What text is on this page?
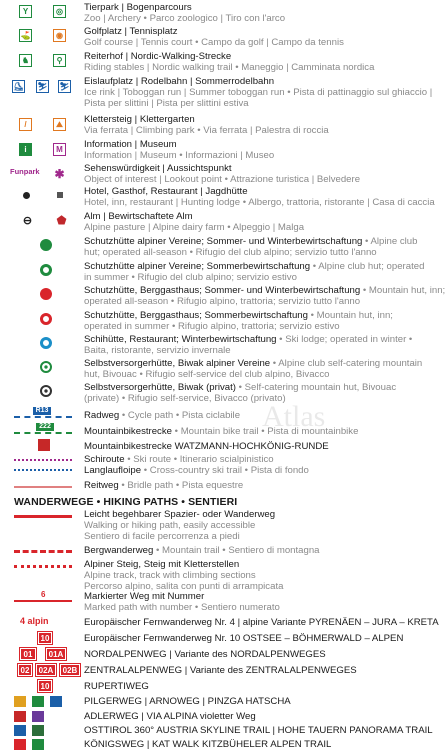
Y	◎	Tierpark | Bogenparcours
Zoo | Archery • Parco zoologico | Tiro con l'arco
⛳	◉	Golfplatz | Tennisplatz
Golf course | Tennis court • Campo da golf | Campo da tennis
♞	⚲	Reiterhof | Nordic-Walking-Strecke
Riding stables | Nordic walking trail • Maneggio | Camminata nordica
⛸ ⛷ ⛷ Eislaufplatz | Rodelbahn | Sommerrodelbahn
Ice rink | Toboggan run | Summer toboggan run • Pista di pattinaggio sul ghiaccio |
Pista per slittini | Pista per slittini estiva
/	⛰	Klettersteig | Klettergarten
Via ferrata | Climbing park • Via ferrata | Palestra di roccia
i	M	Information | Museum
Information | Museum • Informazioni | Museo
Funpark ✱ Sehenswürdigkeit | Aussichtspunkt
Object of interest | Lookout point • Attrazione turistica | Belvedere
Hotel, Gasthof, Restaurant | Jagdhütte
Hotel, inn, restaurant | Hunting lodge • Albergo, trattoria, ristorante | Casa di caccia
⊖ ⬟ Alm | Bewirtschaftete Alm
Alpine pasture | Alpine dairy farm • Alpeggio | Malga
Schutzhütte alpiner Vereine; Sommer- und Winterbewirtschaftung • Alpine club
hut; operated all-season • Rifugio del club alpino; servizio tutto l'anno
Schutzhütte alpiner Vereine; Sommerbewirtschaftung • Alpine club hut; operated
in summer • Rifugio del club alpino; servizio estivo
Schutzhütte, Berggasthaus; Sommer- und Winterbewirtschaftung • Mountain hut, inn;
operated all-season • Rifugio alpino, trattoria; servizio tutto l'anno
Schutzhütte, Berggasthaus; Sommerbewirtschaftung • Mountain hut, inn;
operated in summer • Rifugio alpino, trattoria; servizio estivo
Schihütte, Restaurant; Winterbewirtschaftung • Ski lodge; operated in winter •
Baita, ristorante, servizio invernale
Selbstversorgerhütte, Biwak alpiner Vereine • Alpine club self-catering mountain
hut, Bivouac • Rifugio self-service del club alpino, Bivacco
Selbstversorgerhütte, Biwak (privat) • Self-catering mountain hut, Bivouac
(private) • Rifugio self-service, Bivacco (privato)
R13	Radweg • Cycle path • Pista ciclabile
222	Mountainbikestrecke • Mountain bike trail • Pista di mountainbike
Mountainbikestrecke WATZMANN-HOCHKÖNIG-RUNDE
Schiroute • Ski route • Itinerario scialpinistico
Langlaufloipe • Cross-country ski trail • Pista di fondo
Reitweg • Bridle path • Pista equestre
WANDERWEGE • HIKING PATHS • SENTIERI
Leicht begehbarer Spazier- oder Wanderweg
Walking or hiking path, easily accessible
Sentiero di facile percorrenza a piedi
Bergwanderweg • Mountain trail • Sentiero di montagna
Alpiner Steig, Steig mit Kletterstellen
Alpine track, track with climbing sections
Percorso alpino, salita con punti di arrampicata
6	Markierter Weg mit Nummer
Marked path with number • Sentiero numerato
4 alpin	Europäischer Fernwanderweg Nr. 4 | alpine Variante PYRENÄEN – JURA – KRETA
10	Europäischer Fernwanderweg Nr. 10 OSTSEE – BÖHMERWALD – ALPEN
01	01A NORDALPENWEG | Variante des NORDALPENWEGES
02	02A	02B ZENTRALALPENWEG | Variante des ZENTRALALPENWEGES
10	RUPERTIWEG
PILGERWEG | ARNOWEG | PINZGA HATSCHA
ADLERWEG | VIA ALPINA violetter Weg
OSTTIROL 360° AUSTRIA SKYLINE TRAIL | HOHE TAUERN PANORAMA TRAIL
KÖNIGSWEG | KAT WALK KITZBÜHELER ALPEN TRAIL
Atlas
